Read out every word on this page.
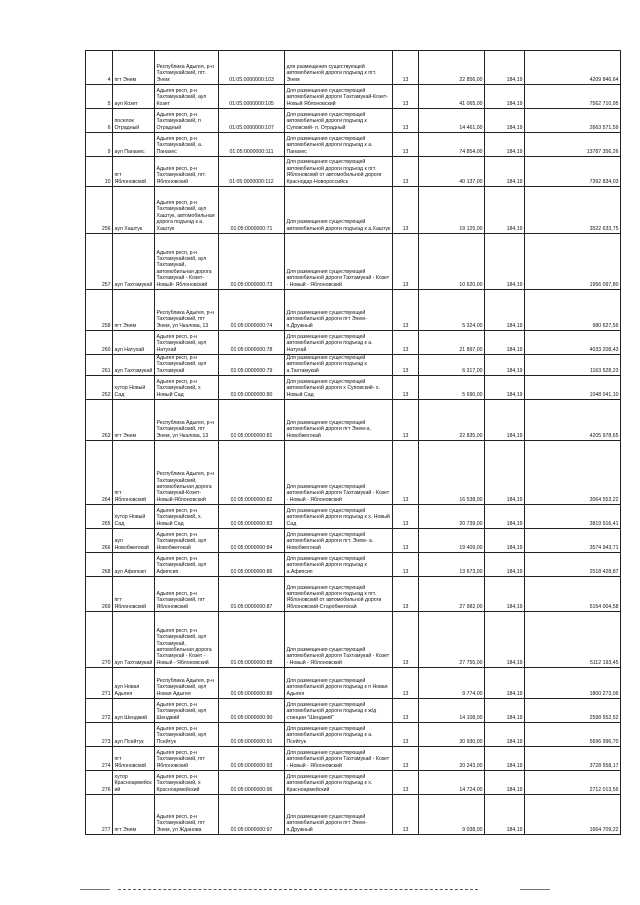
4	пгт Энем	Республика Адыгея, р-н Тахтамукайский, пгт. Энем	01:05:0000000:103	для размещения существующей автомобильной дороги подъезд к пгт. Энем	13	22 856,00	184,19	4209 846,64
5	аул Козет	Адыгея респ, р-н Тахтамукайский, аул Козет	01:05:0000000:105	Для размещения существующей автомобильной дороги Тахтамукай-Козет-Новый Яблоновский	13	41 065,00	184,19	7562 710,95
6	поселок Отрадный	Адыгея респ, р-н Тахтамукайский, п Отрадный	01:05:0000000:107	Для размещения существующей автомобильной дороги подъезд к Суповский- п. Отрадный	13	14 461,00	184,19	2663 571,59
9	аул Панахес	Адыгея респ, р-н Тахтамукайский, а. Панахес	01:05:0000000:111	Для размещения существующей автомобильной дороги подъезд к а. Панахес	13	74 854,00	184,19	13787 356,26
10	пгт Яблоновский	Адыгея респ, р-н Тахтамукайский, пгт. Яблоновский	01:05:0000000:112	Для размещения существующей автомобильной дороги подъезд к пгт. Яблоновский от автомобильной дороги Краснодар-Новороссийск	13	40 137,00	184,19	7392 834,03
256	аул Хаштук	Адыгея респ, р-н Тахтамукайский, аул Хаштук, автомобильная дорога подъезд к а. Хаштук	01:05:0000000:71	Для размещения существующей автомобильной дороги подъезд к а.Хаштук	13	19 125,00	184,19	3522 633,75
257	аул Тахтамукай	Адыгея респ, р-н Тахтамукайский, аул Тахтамукай, автомобильная дорога Тахтамукай - Козет- Новый- Яблоновский	01:05:0000000:73	Для размещения существующей автомобильной дороги Тахтамукай - Козет - Новый - Яблоновский	13	10 620,00	184,19	1956 097,80
258	пгт Энем	Республика Адыгея, р-н Тахтамукайский, пгт Энем, ул Чкалова, 13	01:05:0000000:74	Для размещения существующей автомобильной дороги пгт Энем-п.Дружный	13	5 324,00	184,19	980 627,56
260	аул Натухай	Адыгея респ, р-н Тахтамукайский, аул Натухай	01:05:0000000:78	Для размещения существующей автомобильной дороги подъезд к а. Натухай	13	21 897,00	184,19	4033 208,43
261	аул Тахтамукай	Адыгея респ, р-н Тахтамукайский, аул Тахтамукай	01:05:0000000:79	Для размещения существующей автомобильной дороги подъезд к а.Тахтамукай	13	6 317,00	184,19	1163 528,23
262	хутор Новый Сад	Адыгея респ, р-н Тахтамукайский, х Новый Сад	01:05:0000000:80	Для размещения существующей автомобильной дороги х Суповский- х. Новый Сад	13	5 690,00	184,19	1048 041,10
263	пгт Энем	Республика Адыгея, р-н Тахтамукайский, пгт Энем, ул Чкалова, 13	01:05:0000000:81	Для размещения существующей автомобильной дороги пгт Энем-а. Новобжегокай	13	22 835,00	184,19	4205 978,65
264	пгт Яблоновский	Республика Адыгея, р-н Тахтамукайский, автомобильная дорога Тахтамукай-Козет-Новый-Яблоновский	01:05:0000000:82	Для размещения существующей автомобильной дороги Тахтамукай - Козет - Новый - Яблоновский	13	16 538,00	184,19	3064 553,22
265	хутор Новый Сад	Адыгея респ, р-н Тахтамукайский, х. Новый Сад	01:05:0000000:83	Для размещения существующей автомобильной дороги подъезд к х. Новый Сад	13	20 739,00	184,19	3819 916,41
266	аул Новобжегокай	Адыгея респ, р-н Тахтамукайский, аул Новобжегокай	01:05:0000000:84	Для размещения существующей автомобильной дороги пгт. Энем- а. Новобжегокай	13	19 409,00	184,19	3574 943,71
268	аул Афипсип	Адыгея респ, р-н Тахтамукайский, аул Афипсип	01:05:0000000:86	Для размещения существующей автомобильной дороги подъезд к а.Афипсип	13	13 673,00	184,19	2518 428,87
269	пгт Яблоновский	Адыгея респ, р-н Тахтамукайский, пгт Яблоновский	01:05:0000000:87	Для размещения существующей автомобильной дороги подъезд к пгт. Яблоновский от автомобильной дороги Яблоновский-Старобжегокай	13	27 982,00	184,19	5154 004,58
270	аул Тахтамукай	Адыгея респ, р-н Тахтамукайский, аул Тахтамукай, автомобильная дорога Тахтамукай - Козет - Новый - Яблоновский	01:05:0000000:88	Для размещения существующей автомобильной дороги Тахтамукай - Козет - Новый - Яблоновский	13	27 755,00	184,19	5112 193,45
271	аул Новая Адыгея	Республика Адыгея, р-н Тахтамукайский, аул Новая Адыгея	01:05:0000000:89	Для размещения существующей автомобильной дороги подъезд к п Новая Адыгея	13	9 774,00	184,19	1800 273,06
272	аул Шенджий	Адыгея респ, р-н Тахтамукайский, аул Шенджий	01:05:0000000:90	Для размещения существующей автомобильной дороги подъезд к ж/д станции "Шенджий"	13	14 108,00	184,19	2598 552,52
273	аул Псейтук	Адыгея респ, р-н Тахтамукайский, аул Псейтук	01:05:0000000:91	Для размещения существующей автомобильной дороги подъезд к а. Псейтук	13	30 930,00	184,19	5696 996,70
274	пгт Яблоновский	Адыгея респ, р-н Тахтамукайский, пгт Яблоновский	01:05:0000000:93	Для размещения существующей автомобильной дороги Тахтамукай - Козет - Новый - Яблоновский	13	20 243,00	184,19	3728 558,17
276	хутор Красноармейский	Адыгея респ, р-н Тахтамукайский, х Красноармейский	01:05:0000000:96	Для размещения существующей автомобильной дороги подъезд к х. Красноармейский	13	14 724,00	184,19	2712 013,56
277	пгт Энем	Адыгея респ, р-н Тахтамукайский, пгт Энем, ул Жданова	01:05:0000000:97	Для размещения существующей автомобильной дороги пгт Энем-п.Дружный	13	9 038,00	184,19	1664 709,22
